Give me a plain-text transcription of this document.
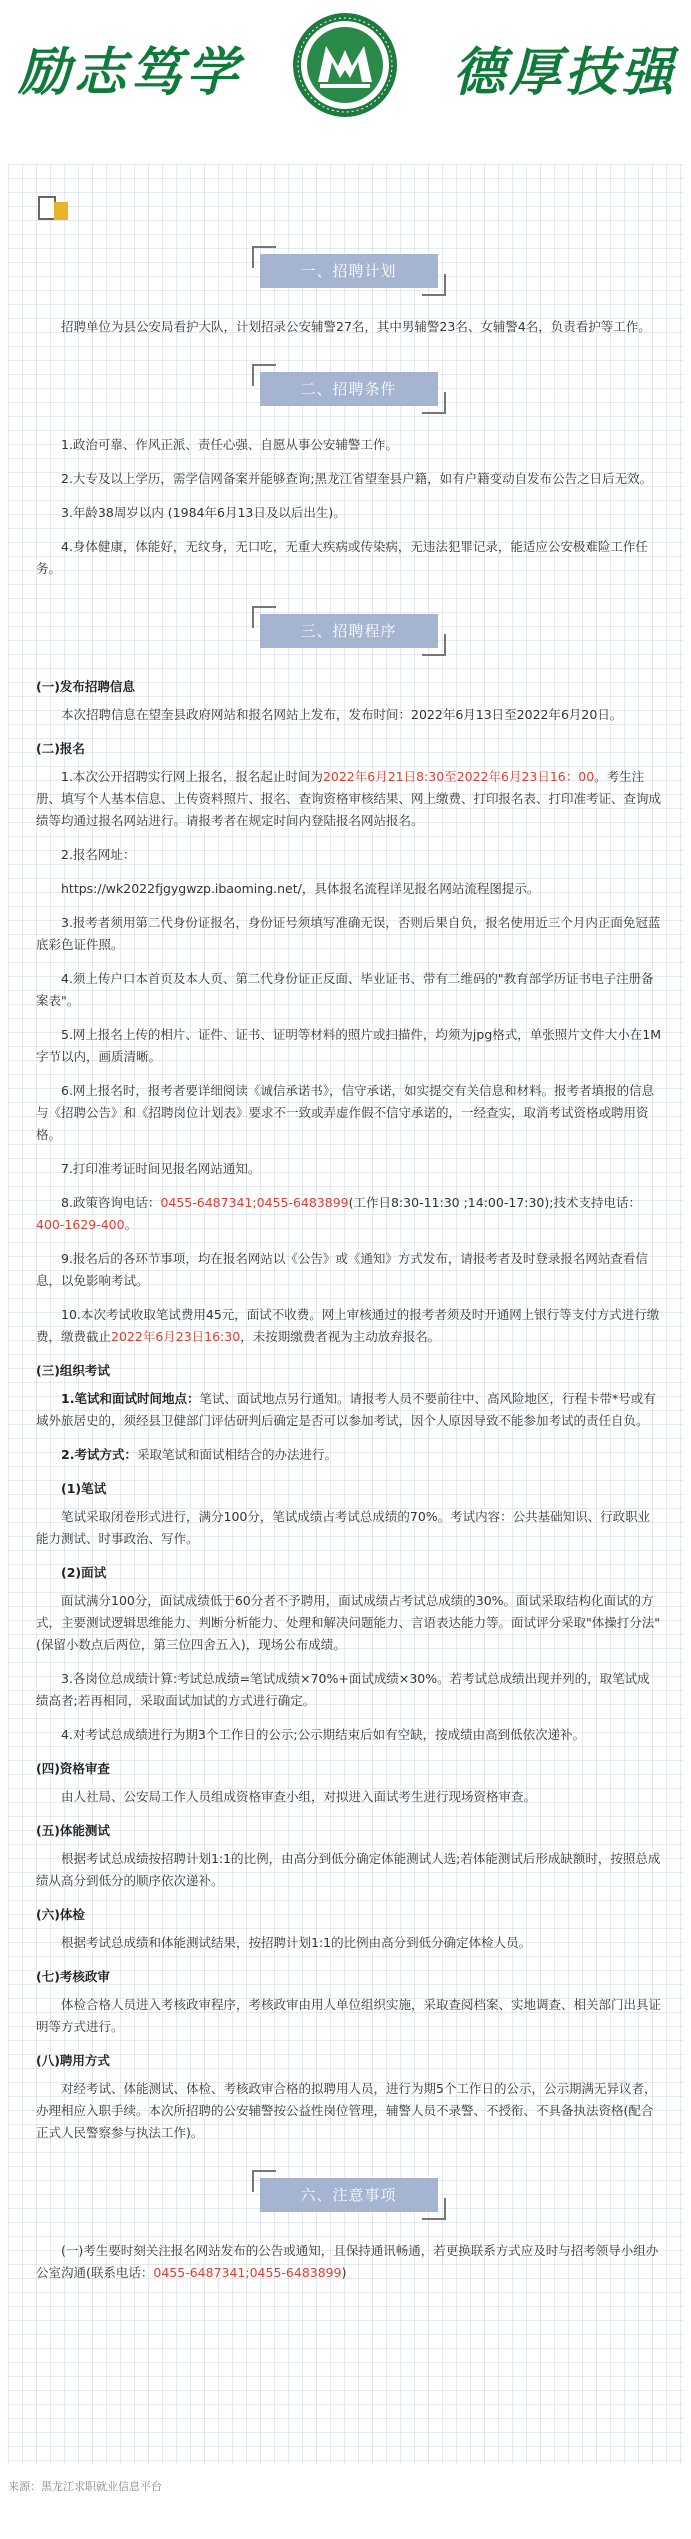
励志笃学	德厚技强
一、招聘计划

招聘单位为县公安局看护大队，计划招录公安辅警27名，其中男辅警23名、女辅警4名，负责看护等工作。

二、招聘条件

1.政治可靠、作风正派、责任心强、自愿从事公安辅警工作。

2.大专及以上学历，需学信网备案并能够查询;黑龙江省望奎县户籍，如有户籍变动自发布公告之日后无效。

3.年龄38周岁以内 (1984年6月13日及以后出生)。

4.身体健康，体能好，无纹身，无口吃，无重大疾病或传染病，无违法犯罪记录，能适应公安极难险工作任务。

三、招聘程序
(一)发布招聘信息

本次招聘信息在望奎县政府网站和报名网站上发布，发布时间：2022年6月13日至2022年6月20日。

(二)报名

1.本次公开招聘实行网上报名，报名起止时间为2022年6月21日8:30至2022年6月23日16：00。考生注册、填写个人基本信息、上传资料照片、报名、查询资格审核结果、网上缴费、打印报名表、打印准考证、查询成绩等均通过报名网站进行。请报考者在规定时间内登陆报名网站报名。

2.报名网址：

https://wk2022fjgygwzp.ibaoming.net/，具体报名流程详见报名网站流程图提示。

3.报考者须用第二代身份证报名，身份证号须填写准确无误，否则后果自负，报名使用近三个月内正面免冠蓝底彩色证件照。

4.须上传户口本首页及本人页、第二代身份证正反面、毕业证书、带有二维码的"教育部学历证书电子注册备案表"。

5.网上报名上传的相片、证件、证书、证明等材料的照片或扫描件，均须为jpg格式，单张照片文件大小在1M字节以内，画质清晰。

6.网上报名时，报考者要详细阅读《诚信承诺书》，信守承诺，如实提交有关信息和材料。报考者填报的信息与《招聘公告》和《招聘岗位计划表》要求不一致或弄虚作假不信守承诺的，一经查实，取消考试资格或聘用资格。

7.打印准考证时间见报名网站通知。

8.政策咨询电话：0455-6487341;0455-6483899(工作日8:30-11:30 ;14:00-17:30);技术支持电话：400-1629-400。

9.报名后的各环节事项，均在报名网站以《公告》或《通知》方式发布，请报考者及时登录报名网站查看信息，以免影响考试。

10.本次考试收取笔试费用45元，面试不收费。网上审核通过的报考者须及时开通网上银行等支付方式进行缴费，缴费截止2022年6月23日16:30，未按期缴费者视为主动放弃报名。

(三)组织考试

1.笔试和面试时间地点：笔试、面试地点另行通知。请报考人员不要前往中、高风险地区，行程卡带*号或有域外旅居史的，须经县卫健部门评估研判后确定是否可以参加考试，因个人原因导致不能参加考试的责任自负。

2.考试方式：采取笔试和面试相结合的办法进行。

(1)笔试

笔试采取闭卷形式进行，满分100分，笔试成绩占考试总成绩的70%。考试内容：公共基础知识、行政职业能力测试、时事政治、写作。

(2)面试

面试满分100分，面试成绩低于60分者不予聘用，面试成绩占考试总成绩的30%。面试采取结构化面试的方式，主要测试逻辑思维能力、判断分析能力、处理和解决问题能力、言语表达能力等。面试评分采取"体操打分法"(保留小数点后两位，第三位四舍五入)，现场公布成绩。

3.各岗位总成绩计算:考试总成绩=笔试成绩×70%+面试成绩×30%。若考试总成绩出现并列的，取笔试成绩高者;若再相同，采取面试加试的方式进行确定。

4.对考试总成绩进行为期3个工作日的公示;公示期结束后如有空缺，按成绩由高到低依次递补。

(四)资格审查

由人社局、公安局工作人员组成资格审查小组，对拟进入面试考生进行现场资格审查。

(五)体能测试

根据考试总成绩按招聘计划1:1的比例，由高分到低分确定体能测试人选;若体能测试后形成缺额时，按照总成绩从高分到低分的顺序依次递补。

(六)体检

根据考试总成绩和体能测试结果，按招聘计划1:1的比例由高分到低分确定体检人员。

(七)考核政审

体检合格人员进入考核政审程序，考核政审由用人单位组织实施，采取查阅档案、实地调查、相关部门出具证明等方式进行。

(八)聘用方式

对经考试、体能测试、体检、考核政审合格的拟聘用人员，进行为期5个工作日的公示，公示期满无异议者，办理相应入职手续。本次所招聘的公安辅警按公益性岗位管理，辅警人员不录警、不授衔、不具备执法资格(配合正式人民警察参与执法工作)。

六、注意事项

(一)考生要时刻关注报名网站发布的公告或通知，且保持通讯畅通，若更换联系方式应及时与招考领导小组办公室沟通(联系电话：0455-6487341;0455-6483899)

来源：黑龙江求职就业信息平台
